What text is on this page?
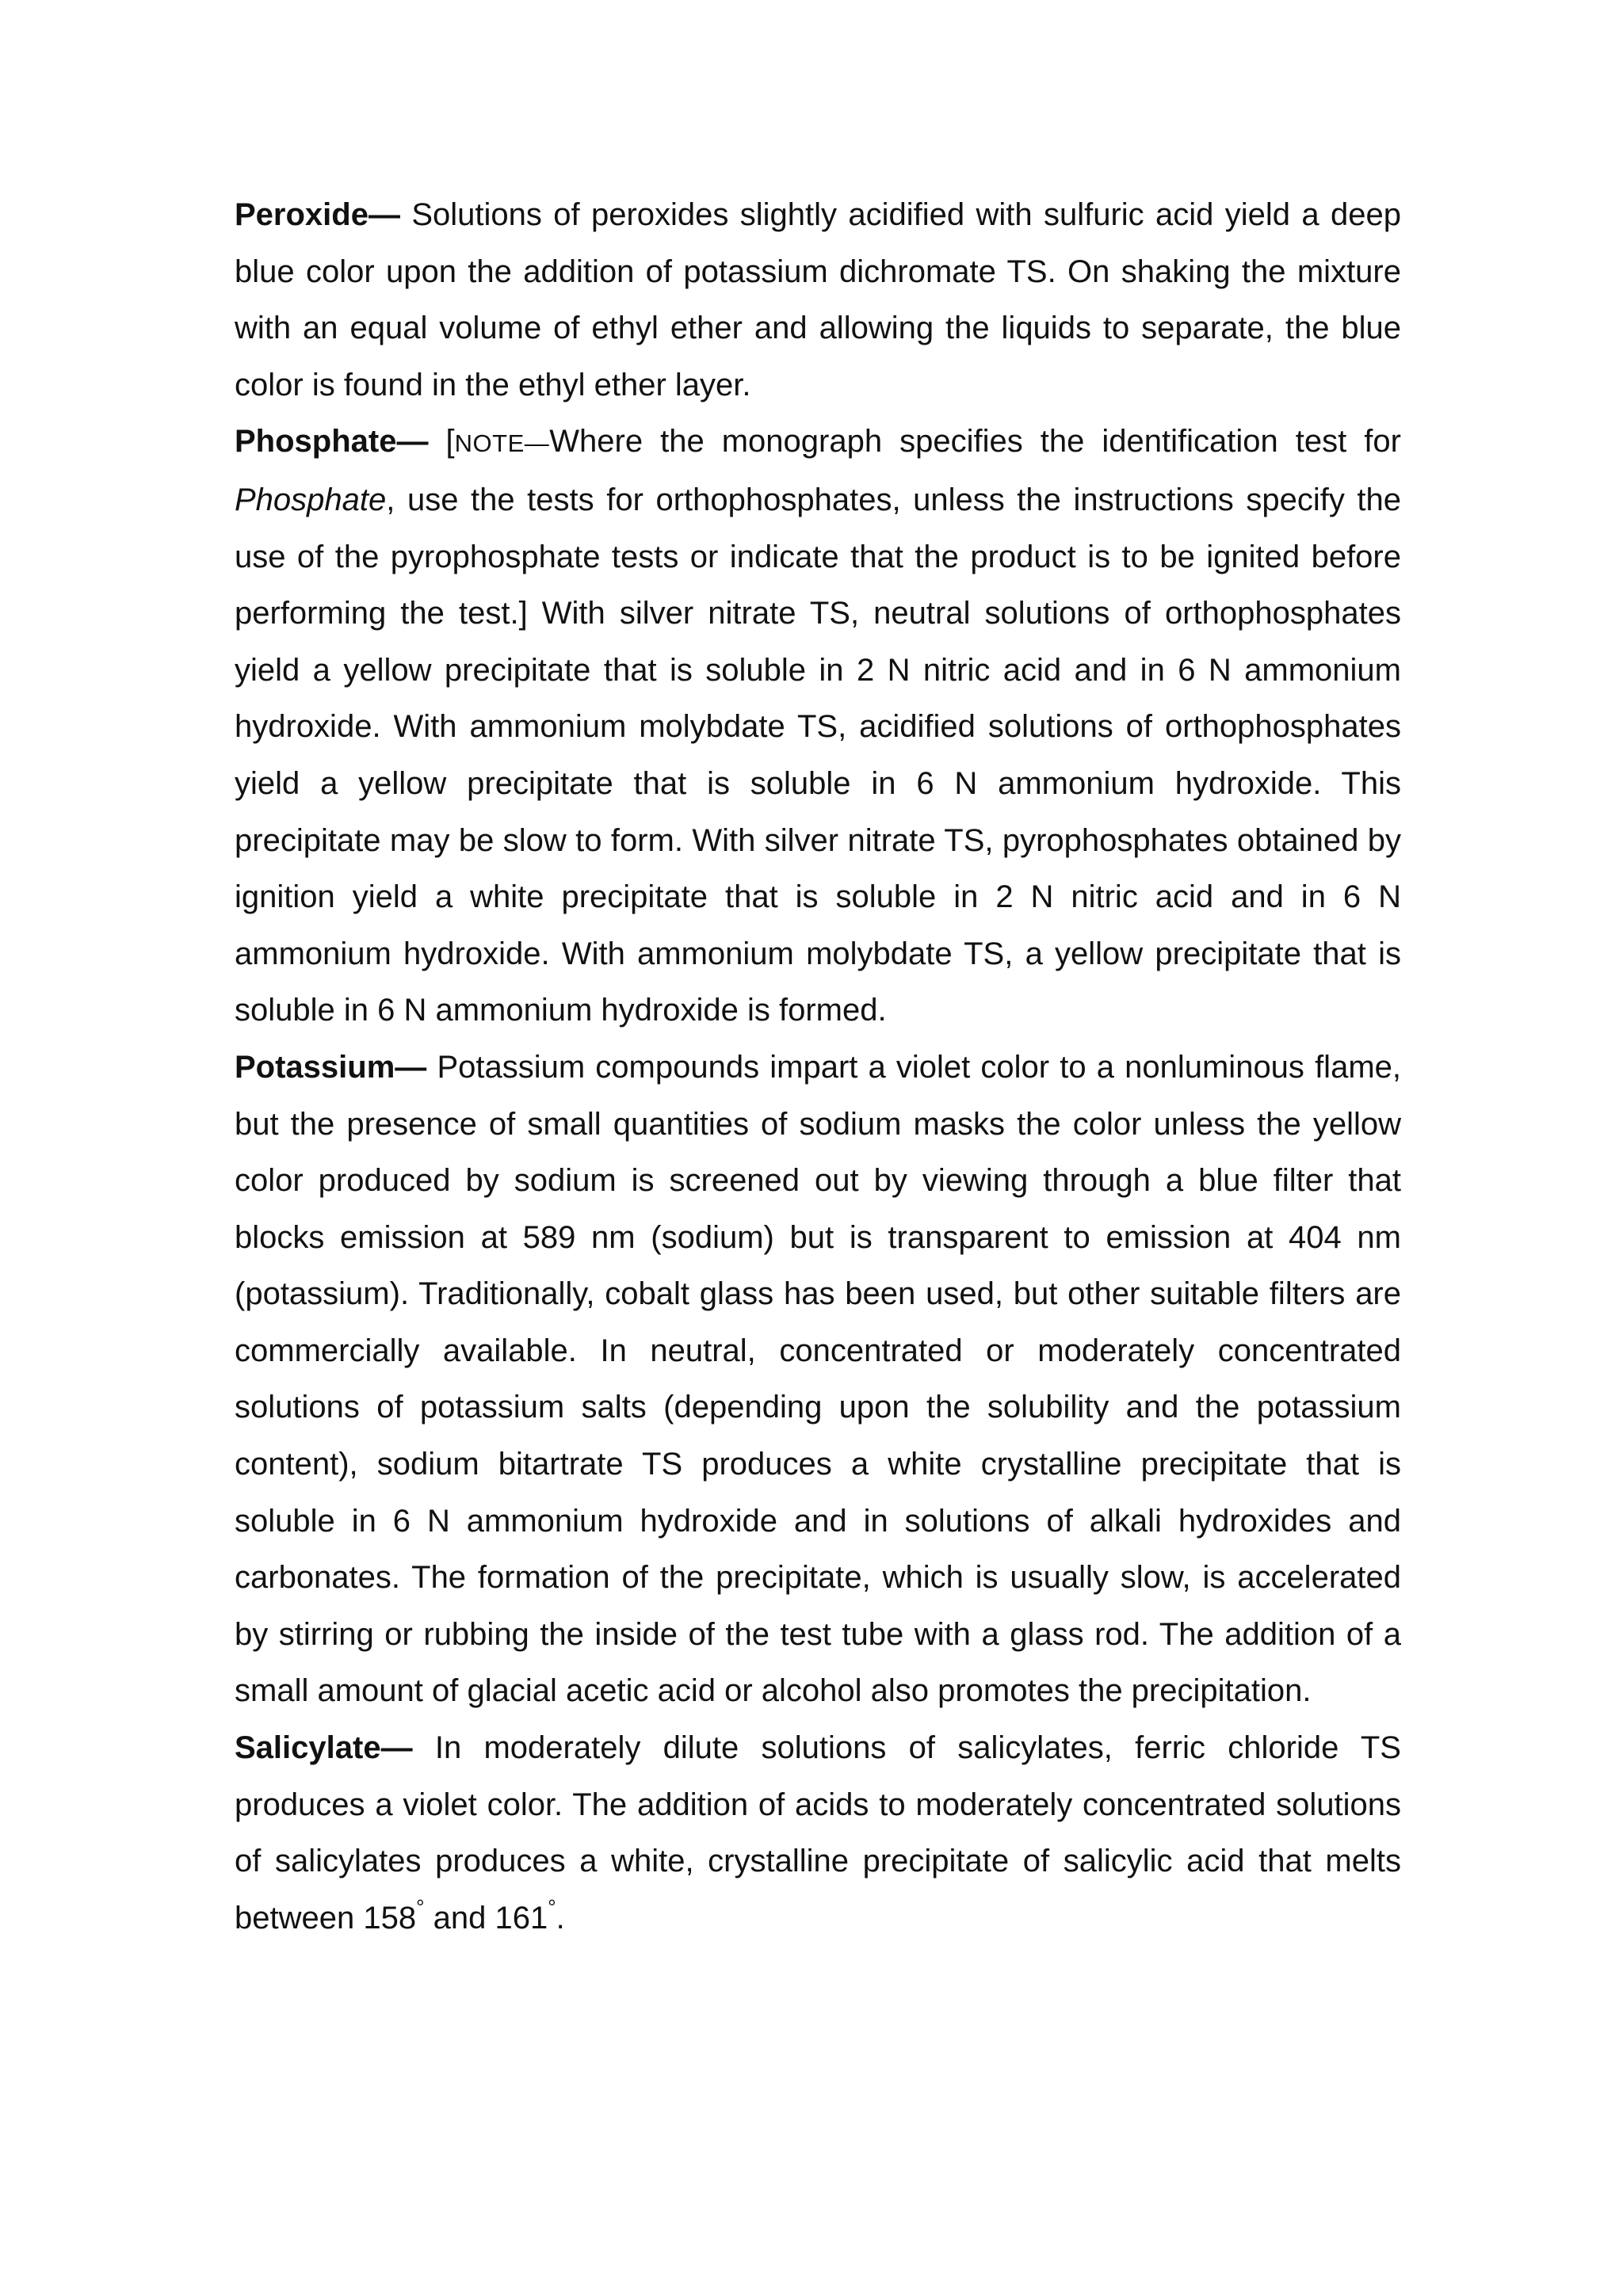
Peroxide— Solutions of peroxides slightly acidified with sulfuric acid yield a deep blue color upon the addition of potassium dichromate TS. On shaking the mixture with an equal volume of ethyl ether and allowing the liquids to separate, the blue color is found in the ethyl ether layer.

Phosphate— [NOTE—Where the monograph specifies the identification test for Phosphate, use the tests for orthophosphates, unless the instructions specify the use of the pyrophosphate tests or indicate that the product is to be ignited before performing the test.] With silver nitrate TS, neutral solutions of orthophosphates yield a yellow precipitate that is soluble in 2 N nitric acid and in 6 N ammonium hydroxide. With ammonium molybdate TS, acidified solutions of orthophosphates yield a yellow precipitate that is soluble in 6 N ammonium hydroxide. This precipitate may be slow to form. With silver nitrate TS, pyrophosphates obtained by ignition yield a white precipitate that is soluble in 2 N nitric acid and in 6 N ammonium hydroxide. With ammonium molybdate TS, a yellow precipitate that is soluble in 6 N ammonium hydroxide is formed.

Potassium— Potassium compounds impart a violet color to a nonluminous flame, but the presence of small quantities of sodium masks the color unless the yellow color produced by sodium is screened out by viewing through a blue filter that blocks emission at 589 nm (sodium) but is transparent to emission at 404 nm (potassium). Traditionally, cobalt glass has been used, but other suitable filters are commercially available. In neutral, concentrated or moderately concentrated solutions of potassium salts (depending upon the solubility and the potassium content), sodium bitartrate TS produces a white crystalline precipitate that is soluble in 6 N ammonium hydroxide and in solutions of alkali hydroxides and carbonates. The formation of the precipitate, which is usually slow, is accelerated by stirring or rubbing the inside of the test tube with a glass rod. The addition of a small amount of glacial acetic acid or alcohol also promotes the precipitation.

Salicylate— In moderately dilute solutions of salicylates, ferric chloride TS produces a violet color. The addition of acids to moderately concentrated solutions of salicylates produces a white, crystalline precipitate of salicylic acid that melts between 158° and 161°.
